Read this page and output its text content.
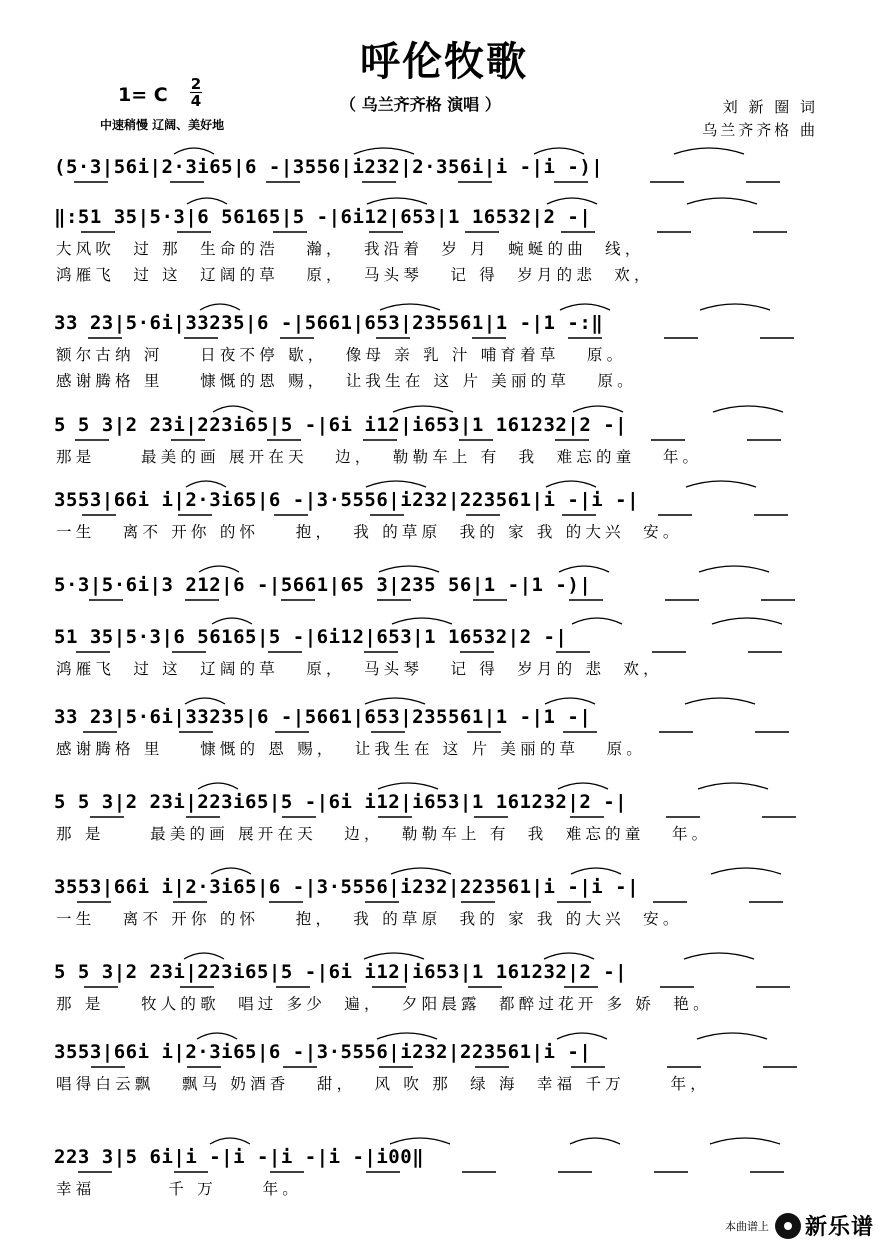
呼伦牧歌
1= C 2
4	（ 乌兰齐齐格 演唱 ）
中速稍慢 辽阔、美好地
刘 新 圈 词
乌兰齐齐格 曲
(5·3|56i|2·3i65|6 -|3556|i232|2·356i|i -|i -)|
‖:51 35|5·3|6 56165|5 -|6i12|653|1 16532|2 -|
大风吹  过 那  生命的浩   瀚，  我沿着  岁 月  蜿蜒的曲  线，
鸿雁飞  过 这  辽阔的草   原，  马头琴   记 得  岁月的悲  欢，
33 23|5·6i|33235|6 -|5661|653|235561|1 -|1 -:‖
额尔古纳 河    日夜不停 歇，  像母 亲 乳 汁 哺育着草   原。
感谢腾格 里    慷慨的恩 赐，  让我生在 这 片 美丽的草   原。
5 5 3|2 23i|223i65|5 -|6i i12|i653|1 161232|2 -|
那是     最美的画 展开在天   边，  勒勒车上 有  我  难忘的童   年。
3553|66i i|2·3i65|6 -|3·5556|i232|223561|i -|i -|
一生   离不 开你 的怀    抱，  我 的草原  我的 家 我 的大兴  安。
5·3|5·6i|3 212|6 -|5661|65 3|235 56|1 -|1 -)|
51 35|5·3|6 56165|5 -|6i12|653|1 16532|2 -|
鸿雁飞  过 这  辽阔的草   原，  马头琴   记 得  岁月的 悲  欢，
33 23|5·6i|33235|6 -|5661|653|235561|1 -|1 -|
感谢腾格 里    慷慨的 恩 赐，  让我生在 这 片 美丽的草   原。
5 5 3|2 23i|223i65|5 -|6i i12|i653|1 161232|2 -|
那 是     最美的画 展开在天   边，  勒勒车上 有  我  难忘的童   年。
3553|66i i|2·3i65|6 -|3·5556|i232|223561|i -|i -|
一生   离不 开你 的怀    抱，  我 的草原  我的 家 我 的大兴  安。
5 5 3|2 23i|223i65|5 -|6i i12|i653|1 161232|2 -|
那 是    牧人的歌  唱过 多少  遍，  夕阳晨露  都醉过花开 多 娇  艳。
3553|66i i|2·3i65|6 -|3·5556|i232|223561|i -|
唱得白云飘   飘马 奶酒香   甜，  风 吹 那  绿 海  幸福 千万     年，
223 3|5 6i|i -|i -|i -|i -|i00‖
幸福        千 万     年。
本曲谱上 新乐谱
